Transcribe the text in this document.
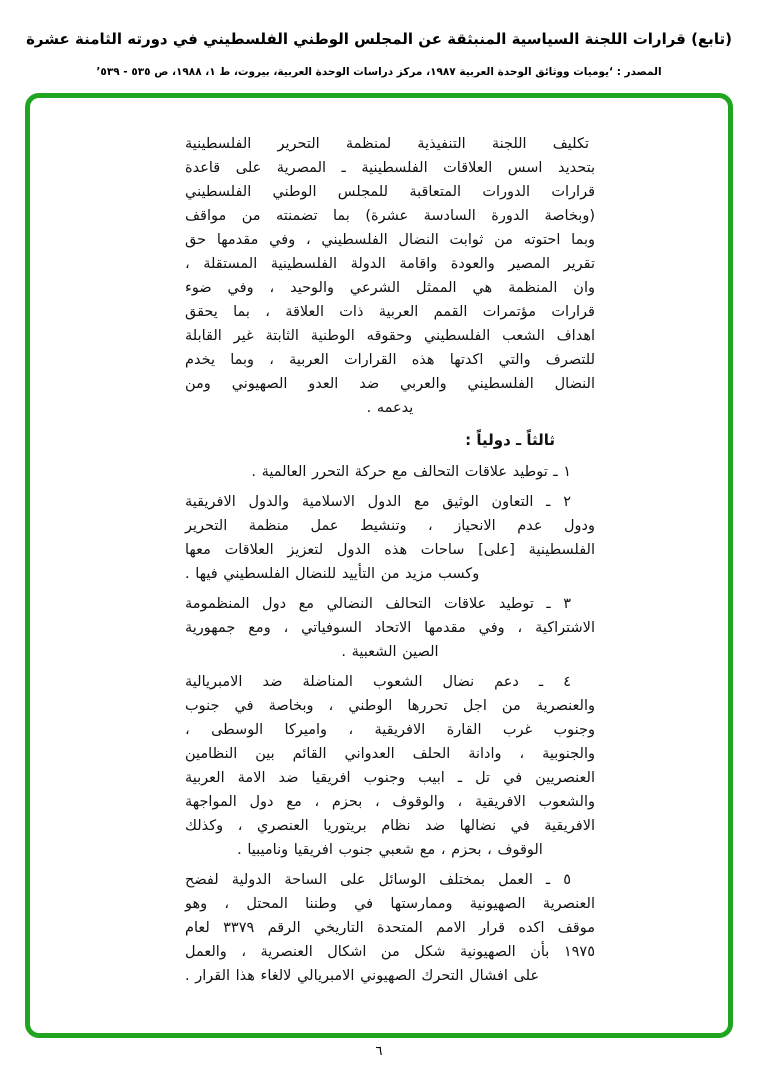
(تابع) قرارات اللجنة السياسية المنبثقة عن المجلس الوطني الفلسطيني في دورته الثامنة عشرة
المصدر : ‘يوميات ووثائق الوحدة العربية ١٩٨٧، مركز دراسات الوحدة العربية، بيروت، ط ١، ١٩٨٨، ص ٥٣٥ - ٥٣٩’
تكليف اللجنة التنفيذية لمنظمة التحرير الفلسطينية
بتحديد اسس العلاقات الفلسطينية ـ المصرية على قاعدة
قرارات الدورات المتعاقبة للمجلس الوطني الفلسطيني
(وبخاصة الدورة السادسة عشرة) بما تضمنته من مواقف
وبما احتوته من ثوابت النضال الفلسطيني ، وفي مقدمها حق
تقرير المصير والعودة واقامة الدولة الفلسطينية المستقلة ،
وان المنظمة هي الممثل الشرعي والوحيد ، وفي ضوء
قرارات مؤتمرات القمم العربية ذات العلاقة ، بما يحقق
اهداف الشعب الفلسطيني وحقوقه الوطنية الثابتة غير القابلة
للتصرف والتي اكدتها هذه القرارات العربية ، وبما يخدم
النضال الفلسطيني والعربي ضد العدو الصهيوني ومن
يدعمه .
ثالثاً ـ دولياً :
١ ـ توطيد علاقات التحالف مع حركة التحرر العالمية .
٢ ـ التعاون الوثيق مع الدول الاسلامية والدول الافريقية
ودول عدم الانحياز ، وتنشيط عمل منظمة التحرير
الفلسطينية [على] ساحات هذه الدول لتعزيز العلاقات معها
وكسب مزيد من التأييد للنضال الفلسطيني فيها .
٣ ـ توطيد علاقات التحالف النضالي مع دول المنظمومة
الاشتراكية ، وفي مقدمها الاتحاد السوفياتي ، ومع جمهورية
الصين الشعبية .
٤ ـ دعم نضال الشعوب المناضلة ضد الامبريالية
والعنصرية من اجل تحررها الوطني ، وبخاصة في جنوب
وجنوب غرب القارة الافريقية ، واميركا الوسطى ،
والجنوبية ، وادانة الحلف العدواني القائم بين النظامين
العنصريين في تل ـ ابيب وجنوب افريقيا ضد الامة العربية
والشعوب الافريقية ، والوقوف ، بحزم ، مع دول المواجهة
الافريقية في نضالها ضد نظام بريتوريا العنصري ، وكذلك
الوقوف ، بحزم ، مع شعبي جنوب افريقيا وناميبيا .
٥ ـ العمل بمختلف الوسائل على الساحة الدولية لفضح
العنصرية الصهيونية وممارستها في وطننا المحتل ، وهو
موقف اكده قرار الامم المتحدة التاريخي الرقم ٣٣٧٩ لعام
١٩٧٥ بأن الصهيونية شكل من اشكال العنصرية ، والعمل
على افشال التحرك الصهيوني الامبريالي لالغاء هذا القرار .
٦
